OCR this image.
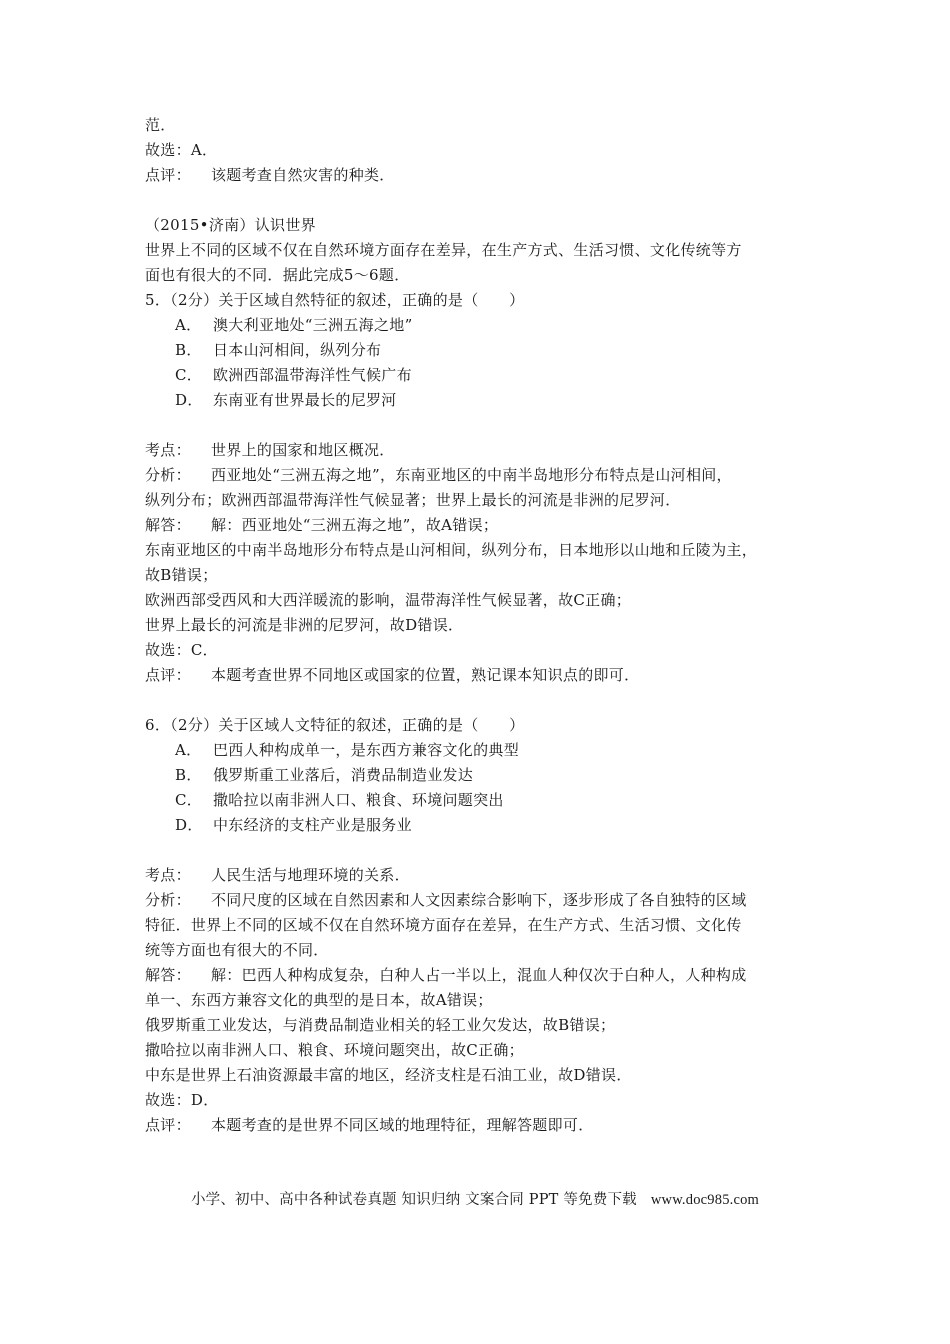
范．
故选：A．
点评： 该题考查自然灾害的种类．
（2015•济南）认识世界
世界上不同的区域不仅在自然环境方面存在差异，在生产方式、生活习惯、文化传统等方
面也有很大的不同．据此完成5～6题．
5．（2分）关于区域自然特征的叙述，正确的是（　　）
A． 澳大利亚地处“三洲五海之地”
B． 日本山河相间，纵列分布
C． 欧洲西部温带海洋性气候广布
D． 东南亚有世界最长的尼罗河
考点： 世界上的国家和地区概况．
分析： 西亚地处“三洲五海之地”，东南亚地区的中南半岛地形分布特点是山河相间，
纵列分布；欧洲西部温带海洋性气候显著；世界上最长的河流是非洲的尼罗河．
解答： 解：西亚地处“三洲五海之地”，故A错误；
东南亚地区的中南半岛地形分布特点是山河相间，纵列分布，日本地形以山地和丘陵为主，
故B错误；
欧洲西部受西风和大西洋暖流的影响，温带海洋性气候显著，故C正确；
世界上最长的河流是非洲的尼罗河，故D错误．
故选：C．
点评： 本题考查世界不同地区或国家的位置，熟记课本知识点的即可．
6．（2分）关于区域人文特征的叙述，正确的是（　　）
A． 巴西人种构成单一，是东西方兼容文化的典型
B． 俄罗斯重工业落后，消费品制造业发达
C． 撒哈拉以南非洲人口、粮食、环境问题突出
D． 中东经济的支柱产业是服务业
考点： 人民生活与地理环境的关系．
分析： 不同尺度的区域在自然因素和人文因素综合影响下，逐步形成了各自独特的区域
特征．世界上不同的区域不仅在自然环境方面存在差异，在生产方式、生活习惯、文化传
统等方面也有很大的不同．
解答： 解：巴西人种构成复杂，白种人占一半以上，混血人种仅次于白种人，人种构成
单一、东西方兼容文化的典型的是日本，故A错误；
俄罗斯重工业发达，与消费品制造业相关的轻工业欠发达，故B错误；
撒哈拉以南非洲人口、粮食、环境问题突出，故C正确；
中东是世界上石油资源最丰富的地区，经济支柱是石油工业，故D错误．
故选：D．
点评： 本题考查的是世界不同区域的地理特征，理解答题即可．
小学、初中、高中各种试卷真题 知识归纳 文案合同 PPT 等免费下载 www.doc985.com
